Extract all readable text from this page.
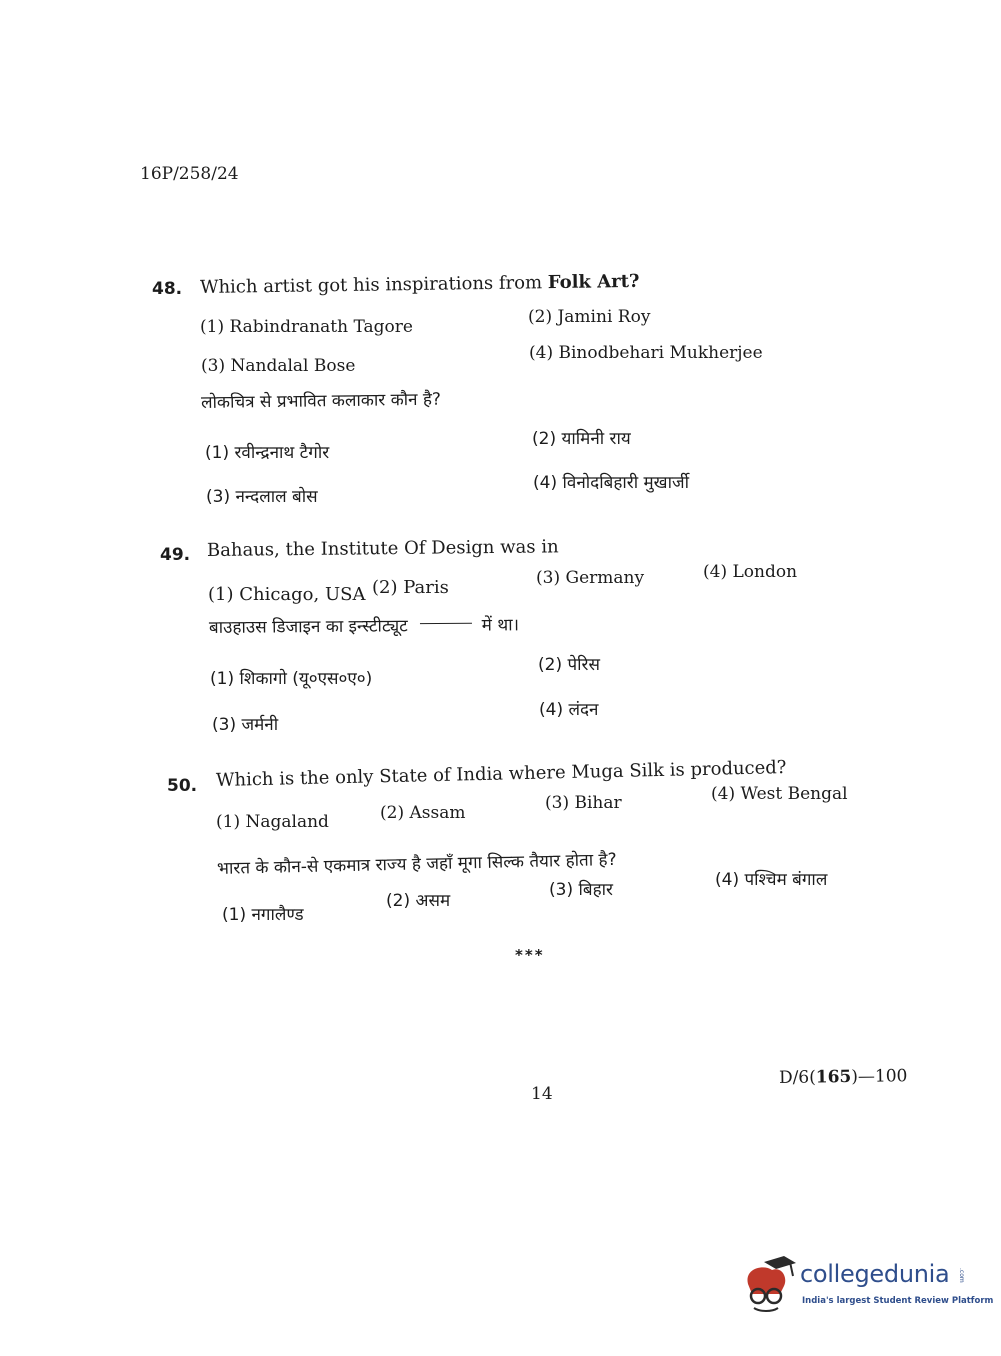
16P/258/24
48. Which artist got his inspirations from Folk Art?
(1) Rabindranath Tagore	(2) Jamini Roy
(3) Nandalal Bose
(4) Binodbehari Mukherjee
लोकचित्र से प्रभावित कलाकार कौन है?
(1) रवीन्द्रनाथ टैगोर
(2) यामिनी राय
(3) नन्दलाल बोस
(4) विनोदबिहारी मुखार्जी
49. Bahaus, the Institute Of Design was in
(1) Chicago, USA (2) Paris	(3) Germany	(4) London
बाउहाउस डिजाइन का इन्स्टीट्यूट	में था।
(1) शिकागो (यू०एस०ए०)
(2) पेरिस
(3) जर्मनी
(4) लंदन
50. Which is the only State of India where Muga Silk is produced?
(1) Nagaland	(2) Assam	(3) Bihar	(4) West Bengal
भारत के कौन-से एकमात्र राज्य है जहाँ मूगा सिल्क तैयार होता है?
(1) नगालैण्ड
(2) असम
(3) बिहार	(4) पश्चिम बंगाल
***
14
D/6(165)—100
collegedunia .com
India's largest Student Review Platform
